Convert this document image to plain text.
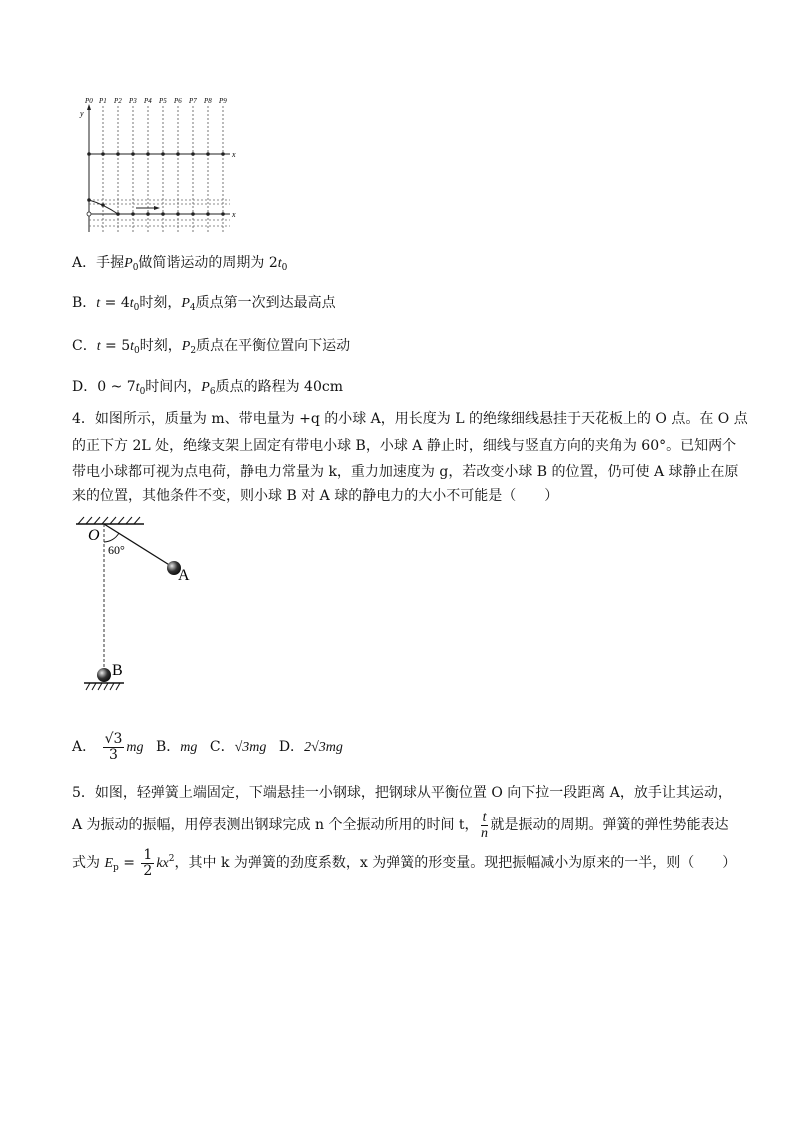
y
x
x
P0 P1 P2 P3 P4 P5 P6 P7 P8 P9
A．手握$P_0$做简谐运动的周期为 $2t_0$
B．$t = 4t_0$时刻，$P_4$质点第一次到达最高点
C．$t = 5t_0$时刻，$P_2$质点在平衡位置向下运动
D．0 ~ $7t_0$时间内，$P_6$质点的路程为 40cm
4．如图所示，质量为 m、带电量为 +q 的小球 A，用长度为 L 的绝缘细线悬挂于天花板上的 O 点。在 O 点
的正下方 2L 处，绝缘支架上固定有带电小球 B，小球 A 静止时，细线与竖直方向的夹角为 60°。已知两个
带电小球都可视为点电荷，静电力常量为 k，重力加速度为 g，若改变小球 B 的位置，仍可使 A 球静止在原
来的位置，其他条件不变，则小球 B 对 A 球的静电力的大小不可能是（　　）
O
60°
A
B
A． $\frac{√3}{3}$ mg B．mg C．√3mg D．2√3mg
5．如图，轻弹簧上端固定，下端悬挂一小钢球，把钢球从平衡位置 O 向下拉一段距离 A，放手让其运动，
A 为振动的振幅，用停表测出钢球完成 n 个全振动所用的时间 t， $\frac{t}{n}$ 就是振动的周期。弹簧的弹性势能表达
式为 $E_p = \frac{1}{2} kx^2$，其中 k 为弹簧的劲度系数，x 为弹簧的形变量。现把振幅减小为原来的一半，则（　　）
